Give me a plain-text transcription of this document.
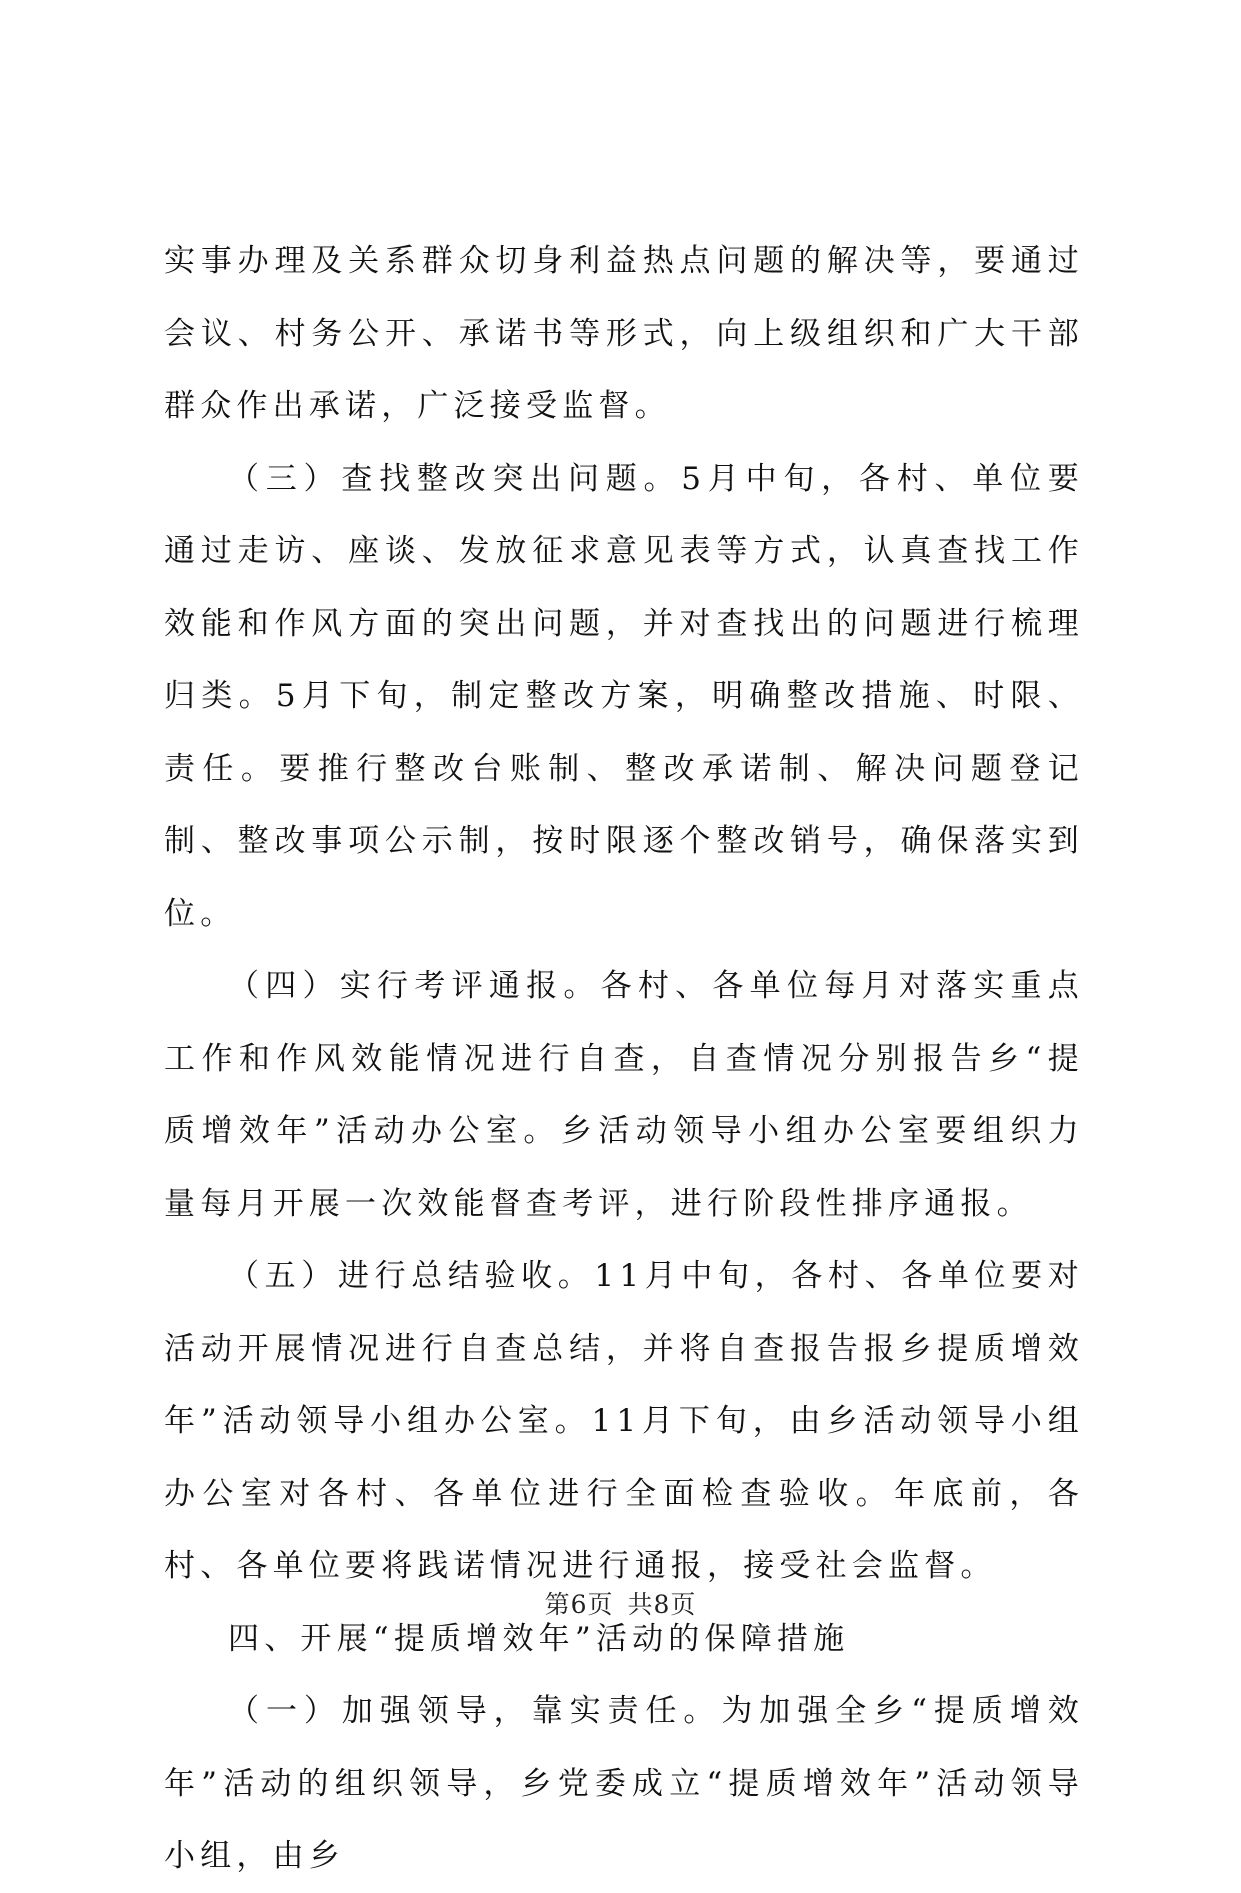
实事办理及关系群众切身利益热点问题的解决等，要通过会议、村务公开、承诺书等形式，向上级组织和广大干部群众作出承诺，广泛接受监督。

（三）查找整改突出问题。5月中旬，各村、单位要通过走访、座谈、发放征求意见表等方式，认真查找工作效能和作风方面的突出问题，并对查找出的问题进行梳理归类。5月下旬，制定整改方案，明确整改措施、时限、责任。要推行整改台账制、整改承诺制、解决问题登记制、整改事项公示制，按时限逐个整改销号，确保落实到位。

（四）实行考评通报。各村、各单位每月对落实重点工作和作风效能情况进行自查，自查情况分别报告乡“提质增效年”活动办公室。乡活动领导小组办公室要组织力量每月开展一次效能督查考评，进行阶段性排序通报。

（五）进行总结验收。11月中旬，各村、各单位要对活动开展情况进行自查总结，并将自查报告报乡提质增效年”活动领导小组办公室。11月下旬，由乡活动领导小组办公室对各村、各单位进行全面检查验收。年底前，各村、各单位要将践诺情况进行通报，接受社会监督。

四、开展“提质增效年”活动的保障措施

（一）加强领导，靠实责任。为加强全乡“提质增效年”活动的组织领导，乡党委成立“提质增效年”活动领导小组，由乡

第6页 共8页
